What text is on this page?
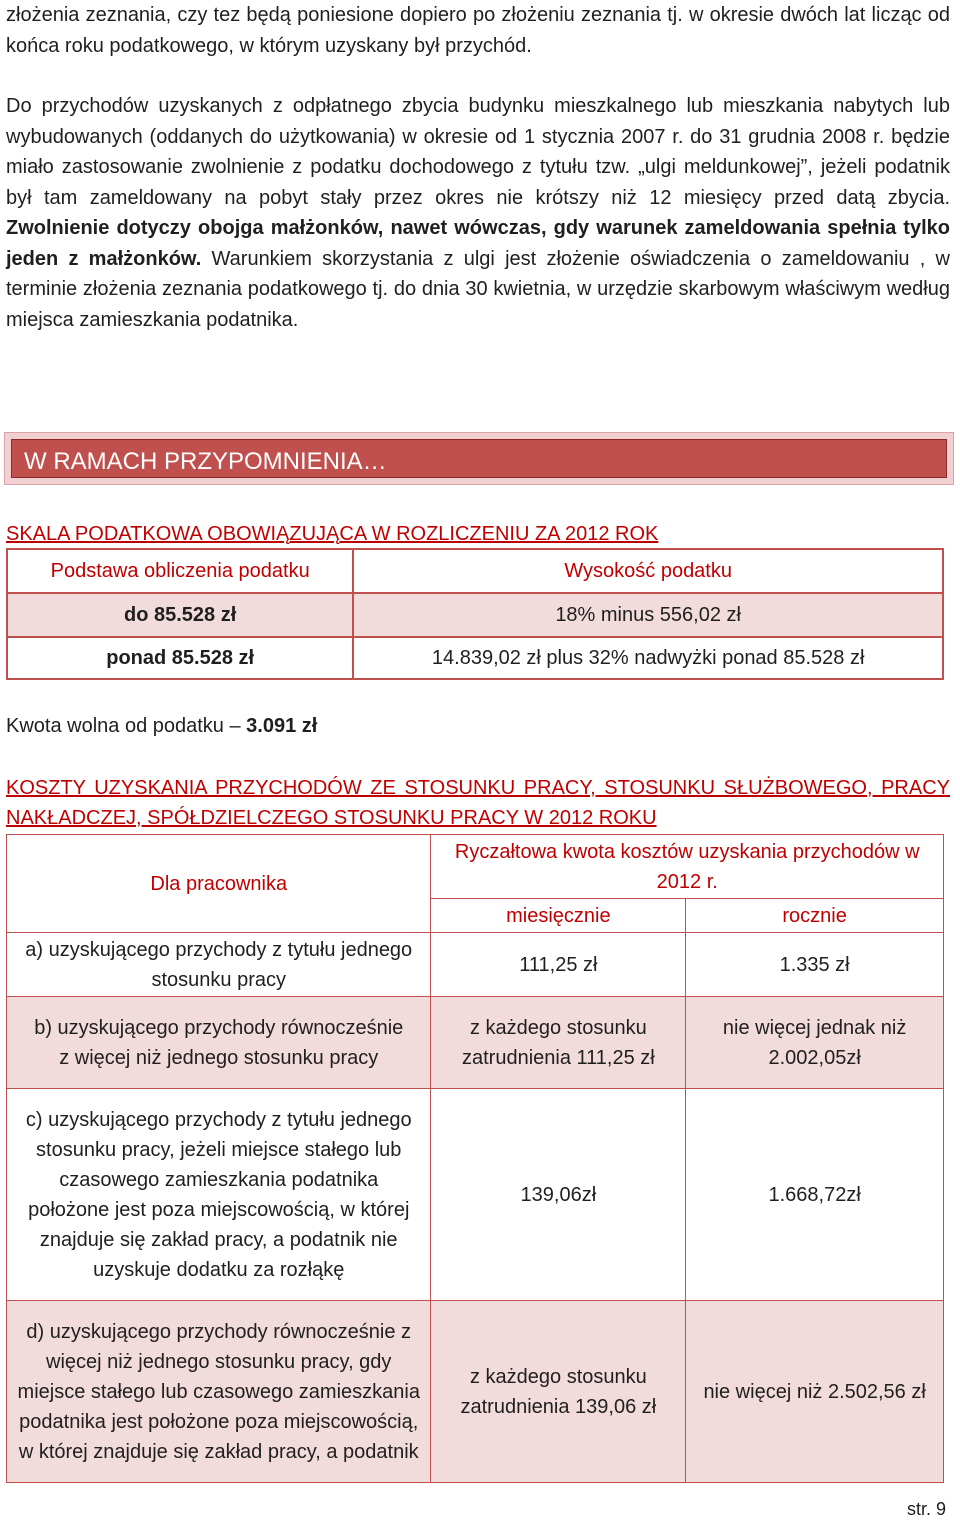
złożenia zeznania, czy tez będą poniesione dopiero po złożeniu zeznania tj. w okresie dwóch lat licząc od końca roku podatkowego, w którym uzyskany był przychód.

Do przychodów uzyskanych z odpłatnego zbycia budynku mieszkalnego lub mieszkania nabytych lub wybudowanych (oddanych do użytkowania) w okresie od 1 stycznia 2007 r. do 31 grudnia 2008 r. będzie miało zastosowanie zwolnienie z podatku dochodowego z tytułu tzw. „ulgi meldunkowej”, jeżeli podatnik był tam zameldowany na pobyt stały przez okres nie krótszy niż 12 miesięcy przed datą zbycia. Zwolnienie dotyczy obojga małżonków, nawet wówczas, gdy warunek zameldowania spełnia tylko jeden z małżonków. Warunkiem skorzystania z ulgi jest złożenie oświadczenia o zameldowaniu , w terminie złożenia zeznania podatkowego tj. do dnia 30 kwietnia, w urzędzie skarbowym właściwym według miejsca zamieszkania podatnika.

W RAMACH PRZYPOMNIENIA…
SKALA PODATKOWA OBOWIĄZUJĄCA W ROZLICZENIU ZA 2012 ROK
Podstawa obliczenia podatku	Wysokość podatku
do 85.528 zł	18% minus 556,02 zł
ponad 85.528 zł	14.839,02 zł plus 32% nadwyżki ponad 85.528 zł
Kwota wolna od podatku – 3.091 zł
KOSZTY UZYSKANIA PRZYCHODÓW ZE STOSUNKU PRACY, STOSUNKU SŁUŻBOWEGO, PRACY NAKŁADCZEJ, SPÓŁDZIELCZEGO STOSUNKU PRACY W 2012 ROKU
Dla pracownika	Ryczałtowa kwota kosztów uzyskania przychodów w 2012 r.	
	miesięcznie	rocznie
a) uzyskującego przychody z tytułu jednego stosunku pracy	111,25 zł	1.335 zł
b) uzyskującego przychody równocześnie z więcej niż jednego stosunku pracy	z każdego stosunku zatrudnienia 111,25 zł	nie więcej jednak niż 2.002,05zł
c) uzyskującego przychody z tytułu jednego stosunku pracy, jeżeli miejsce stałego lub czasowego zamieszkania podatnika położone jest poza miejscowością, w której znajduje się zakład pracy, a podatnik nie uzyskuje dodatku za rozłąkę	139,06zł	1.668,72zł
d) uzyskującego przychody równocześnie z więcej niż jednego stosunku pracy, gdy miejsce stałego lub czasowego zamieszkania podatnika jest położone poza miejscowością, w której znajduje się zakład pracy, a podatnik	z każdego stosunku zatrudnienia 139,06 zł	nie więcej niż 2.502,56 zł
str. 9
